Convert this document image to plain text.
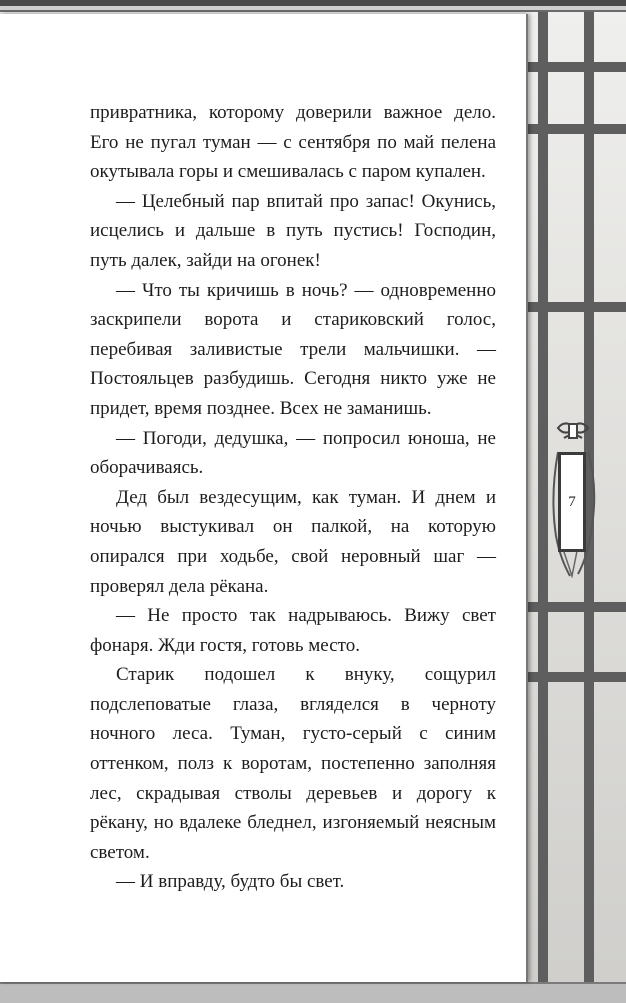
привратника, которому доверили важное дело. Его не пугал туман — с сентября по май пелена окутывала горы и смешивалась с паром купален.

— Целебный пар впитай про запас! Окунись, исцелись и дальше в путь пустись! Господин, путь далек, зайди на огонек!

— Что ты кричишь в ночь? — одновременно заскрипели ворота и стариковский голос, перебивая заливистые трели мальчишки. — Постояльцев разбудишь. Сегодня никто уже не придет, время позднее. Всех не заманишь.

— Погоди, дедушка, — попросил юноша, не оборачиваясь.

Дед был вездесущим, как туман. И днем и ночью выстукивал он палкой, на которую опирался при ходьбе, свой неровный шаг — проверял дела рёкана.

— Не просто так надрываюсь. Вижу свет фонаря. Жди гостя, готовь место.

Старик подошел к внуку, сощурил подслеповатые глаза, вгляделся в черноту ночного леса. Туман, густо-серый с синим оттенком, полз к воротам, постепенно заполняя лес, скрадывая стволы деревьев и дорогу к рёкану, но вдалеке бледнел, изгоняемый неясным светом.

— И вправду, будто бы свет.

7
